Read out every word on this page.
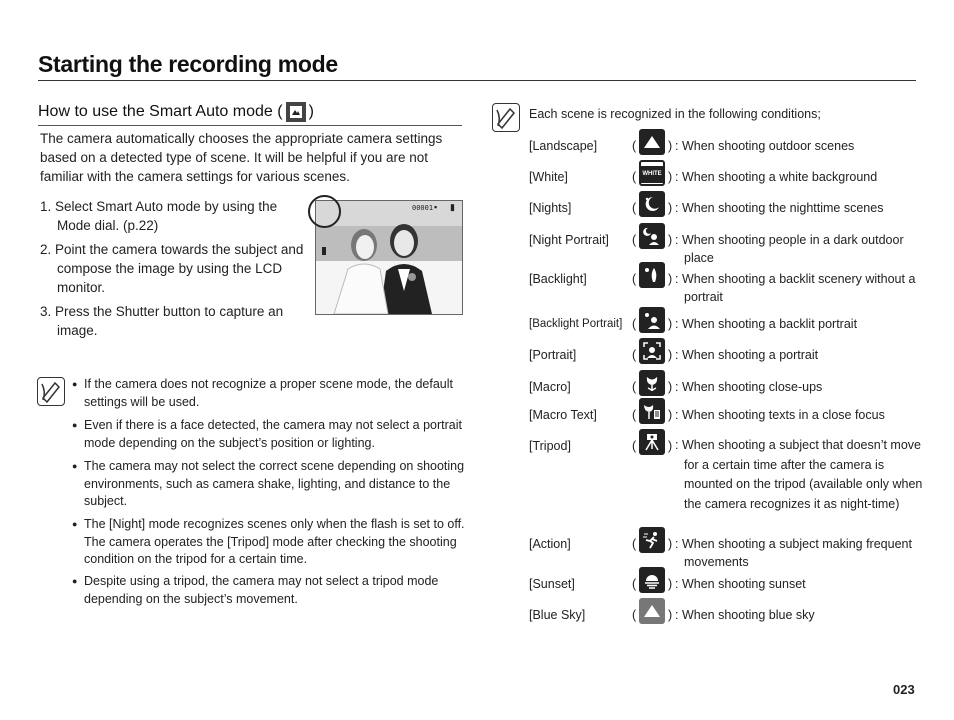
Starting the recording mode
How to use the Smart Auto mode ( )
The camera automatically chooses the appropriate camera settings based on a detected type of scene. It will be helpful if you are not familiar with the camera settings for various scenes.
1. Select Smart Auto mode by using the Mode dial. (p.22)
2. Point the camera towards the subject and compose the image by using the LCD monitor.
3. Press the Shutter button to capture an image.
00001 ▪ ▮
● If the camera does not recognize a proper scene mode, the default settings will be used.
● Even if there is a face detected, the camera may not select a portrait mode depending on the subject’s position or lighting.
● The camera may not select the correct scene depending on shooting environments, such as camera shake, lighting, and distance to the subject.
● The [Night] mode recognizes scenes only when the flash is set to off. The camera operates the [Tripod] mode after checking the shooting condition on the tripod for a certain time.
● Despite using a tripod, the camera may not select a tripod mode depending on the subject’s movement.
Each scene is recognized in the following conditions;
[Landscape]	(	) : When shooting outdoor scenes
[White]	( WHITE ) : When shooting a white background
[Nights]	(	) : When shooting the nighttime scenes
[Night Portrait] (	) : When shooting people in a dark outdoor place
[Backlight]	(	) : When shooting a backlit scenery without a portrait
[Backlight Portrait] (	) : When shooting a backlit portrait
[Portrait]	(	) : When shooting a portrait
[Macro]	(	) : When shooting close-ups
[Macro Text]	(	) : When shooting texts in a close focus
[Tripod]	(	) : When shooting a subject that doesn’t move for a certain time after the camera is mounted on the tripod (available only when the camera recognizes it as night-time)
[Action]	(	) : When shooting a subject making frequent movements
[Sunset]	(	) : When shooting sunset
[Blue Sky]	(	) : When shooting blue sky
023
